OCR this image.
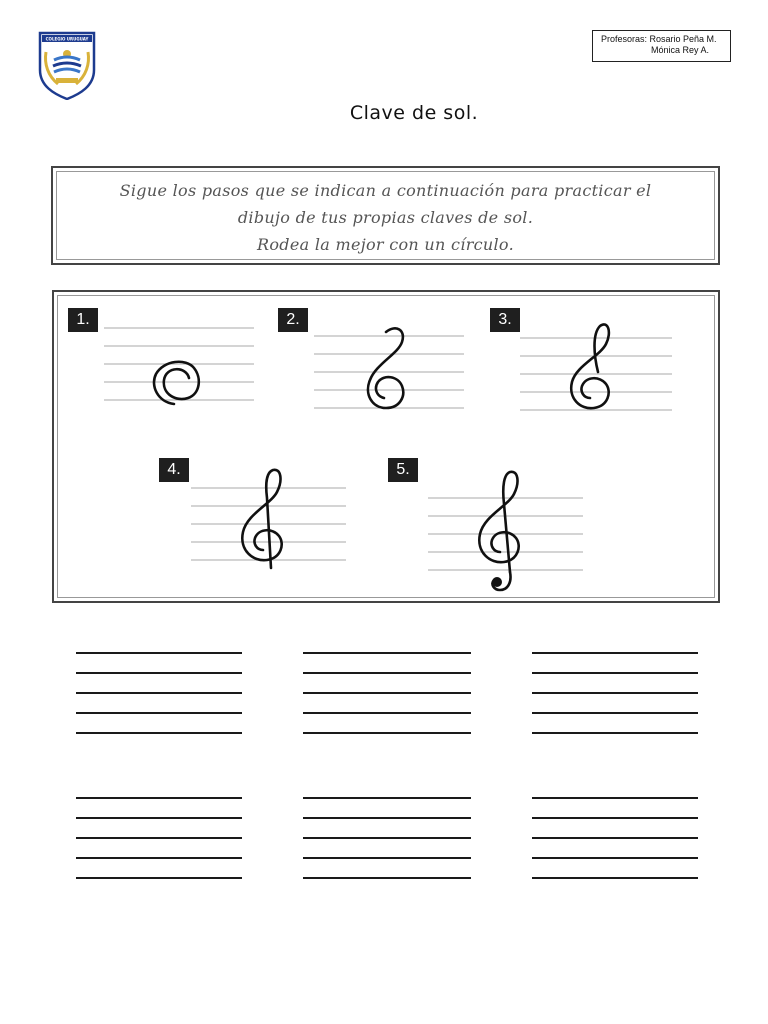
COLEGIO URUGUAY	Profesoras: Rosario Peña M.
Mónica Rey A.
Clave de sol.
Sigue los pasos que se indican a continuación para practicar el
dibujo de tus propias claves de sol.
Rodea la mejor con un círculo.
1.	2.	3.
4.	5.
